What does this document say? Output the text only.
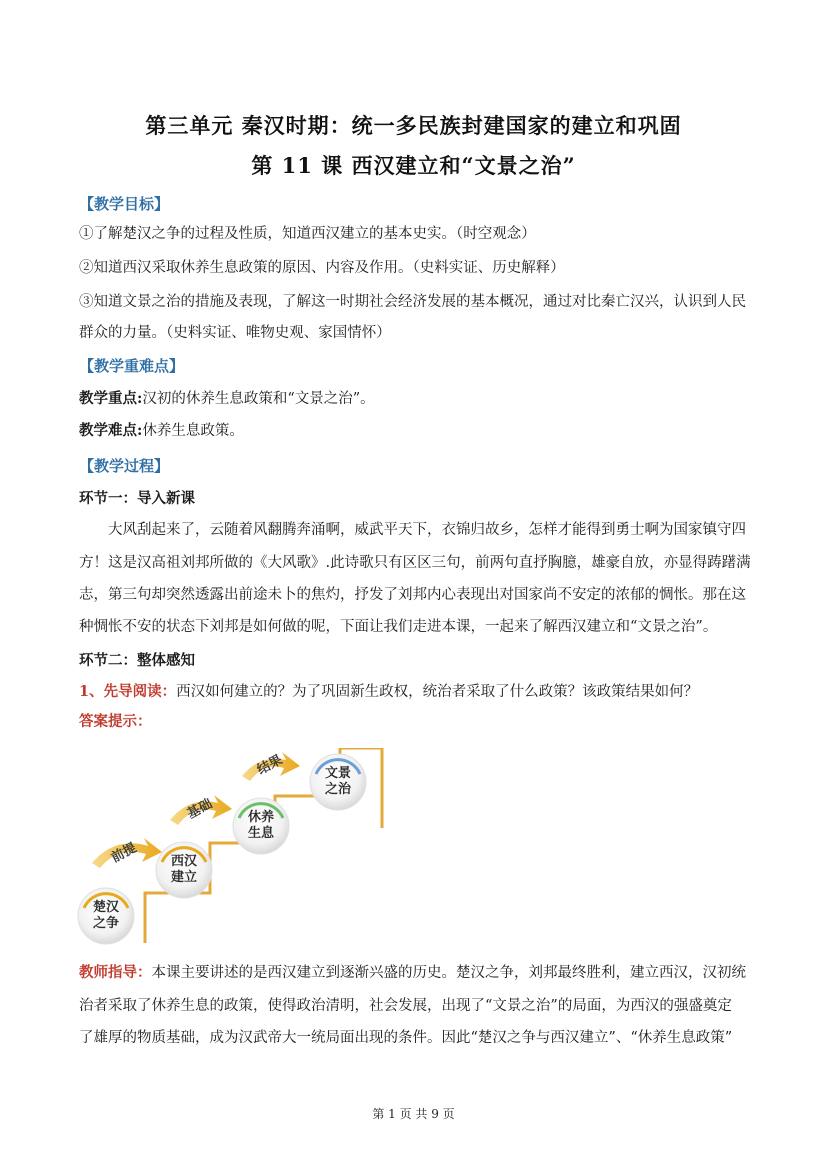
第三单元 秦汉时期：统一多民族封建国家的建立和巩固
第 11 课 西汉建立和“文景之治”
【教学目标】
①了解楚汉之争的过程及性质，知道西汉建立的基本史实。（时空观念）
②知道西汉采取休养生息政策的原因、内容及作用。（史料实证、历史解释）
③知道文景之治的措施及表现，了解这一时期社会经济发展的基本概况，通过对比秦亡汉兴，认识到人民
群众的力量。（史料实证、唯物史观、家国情怀）
【教学重难点】
教学重点:汉初的休养生息政策和“文景之治”。
教学难点:休养生息政策。
【教学过程】
环节一：导入新课
大风刮起来了，云随着风翻腾奔涌啊，威武平天下，衣锦归故乡，怎样才能得到勇士啊为国家镇守四
方！这是汉高祖刘邦所做的《大风歌》.此诗歌只有区区三句，前两句直抒胸臆，雄豪自放，亦显得踌躇满
志，第三句却突然透露出前途未卜的焦灼，抒发了刘邦内心表现出对国家尚不安定的浓郁的惆怅。那在这
种惆怅不安的状态下刘邦是如何做的呢，下面让我们走进本课，一起来了解西汉建立和“文景之治”。
环节二：整体感知
1、先导阅读：西汉如何建立的？为了巩固新生政权，统治者采取了什么政策？该政策结果如何？
答案提示：
楚汉
之争
西汉
建立
休养
生息
文景
之治
前提
基础
结果
教师指导：本课主要讲述的是西汉建立到逐渐兴盛的历史。楚汉之争，刘邦最终胜利，建立西汉，汉初统
治者采取了休养生息的政策，使得政治清明，社会发展，出现了“文景之治”的局面，为西汉的强盛奠定
了雄厚的物质基础，成为汉武帝大一统局面出现的条件。因此“楚汉之争与西汉建立”、“休养生息政策”
第 1 页 共 9 页
